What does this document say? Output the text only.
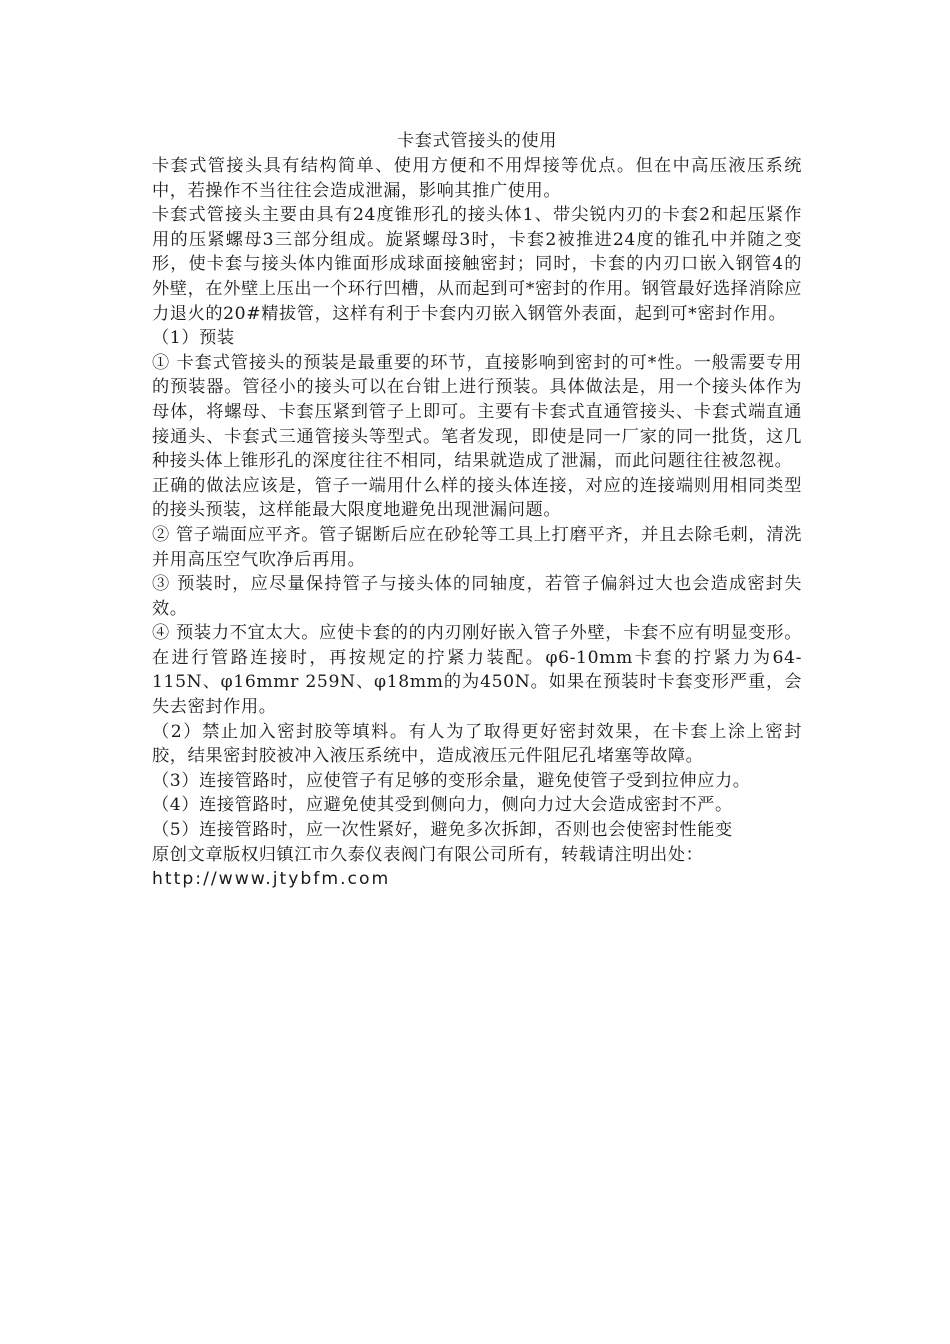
卡套式管接头的使用

卡套式管接头具有结构简单、使用方便和不用焊接等优点。但在中高压液压系统中，若操作不当往往会造成泄漏，影响其推广使用。

卡套式管接头主要由具有24度锥形孔的接头体1、带尖锐内刃的卡套2和起压紧作用的压紧螺母3三部分组成。旋紧螺母3时，卡套2被推进24度的锥孔中并随之变形，使卡套与接头体内锥面形成球面接触密封；同时，卡套的内刃口嵌入钢管4的外壁，在外壁上压出一个环行凹槽，从而起到可*密封的作用。钢管最好选择消除应力退火的20#精拔管，这样有利于卡套内刃嵌入钢管外表面，起到可*密封作用。

（1）预装

① 卡套式管接头的预装是最重要的环节，直接影响到密封的可*性。一般需要专用的预装器。管径小的接头可以在台钳上进行预装。具体做法是，用一个接头体作为母体，将螺母、卡套压紧到管子上即可。主要有卡套式直通管接头、卡套式端直通接通头、卡套式三通管接头等型式。笔者发现，即使是同一厂家的同一批货，这几种接头体上锥形孔的深度往往不相同，结果就造成了泄漏，而此问题往往被忽视。

正确的做法应该是，管子一端用什么样的接头体连接，对应的连接端则用相同类型的接头预装，这样能最大限度地避免出现泄漏问题。

② 管子端面应平齐。管子锯断后应在砂轮等工具上打磨平齐，并且去除毛刺，清洗并用高压空气吹净后再用。

③ 预装时，应尽量保持管子与接头体的同轴度，若管子偏斜过大也会造成密封失效。

④ 预装力不宜太大。应使卡套的的内刃刚好嵌入管子外壁，卡套不应有明显变形。在进行管路连接时，再按规定的拧紧力装配。φ6-10mm卡套的拧紧力为64-115N、φ16mmr 259N、φ18mm的为450N。如果在预装时卡套变形严重，会失去密封作用。

（2）禁止加入密封胶等填料。有人为了取得更好密封效果，在卡套上涂上密封胶，结果密封胶被冲入液压系统中，造成液压元件阻尼孔堵塞等故障。

（3）连接管路时，应使管子有足够的变形余量，避免使管子受到拉伸应力。

（4）连接管路时，应避免使其受到侧向力，侧向力过大会造成密封不严。

（5）连接管路时，应一次性紧好，避免多次拆卸，否则也会使密封性能变

原创文章版权归镇江市久泰仪表阀门有限公司所有，转载请注明出处：

http://www.jtybfm.com
